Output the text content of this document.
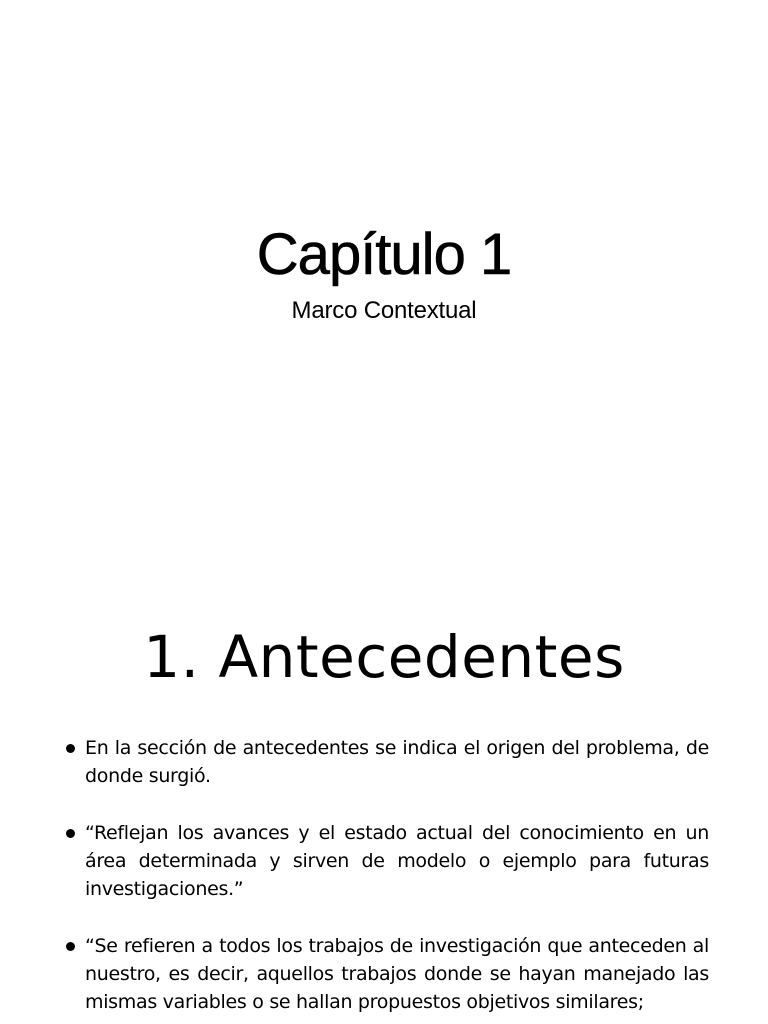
Capítulo 1

Marco Contextual

1. Antecedentes
En la sección de antecedentes se indica el origen del problema, de donde surgió.
“Reflejan los avances y el estado actual del conocimiento en un área determinada y sirven de modelo o ejemplo para futuras investigaciones.”
“Se refieren a todos los trabajos de investigación que anteceden al nuestro, es decir, aquellos trabajos donde se hayan manejado las mismas variables o se hallan propuestos objetivos similares;
